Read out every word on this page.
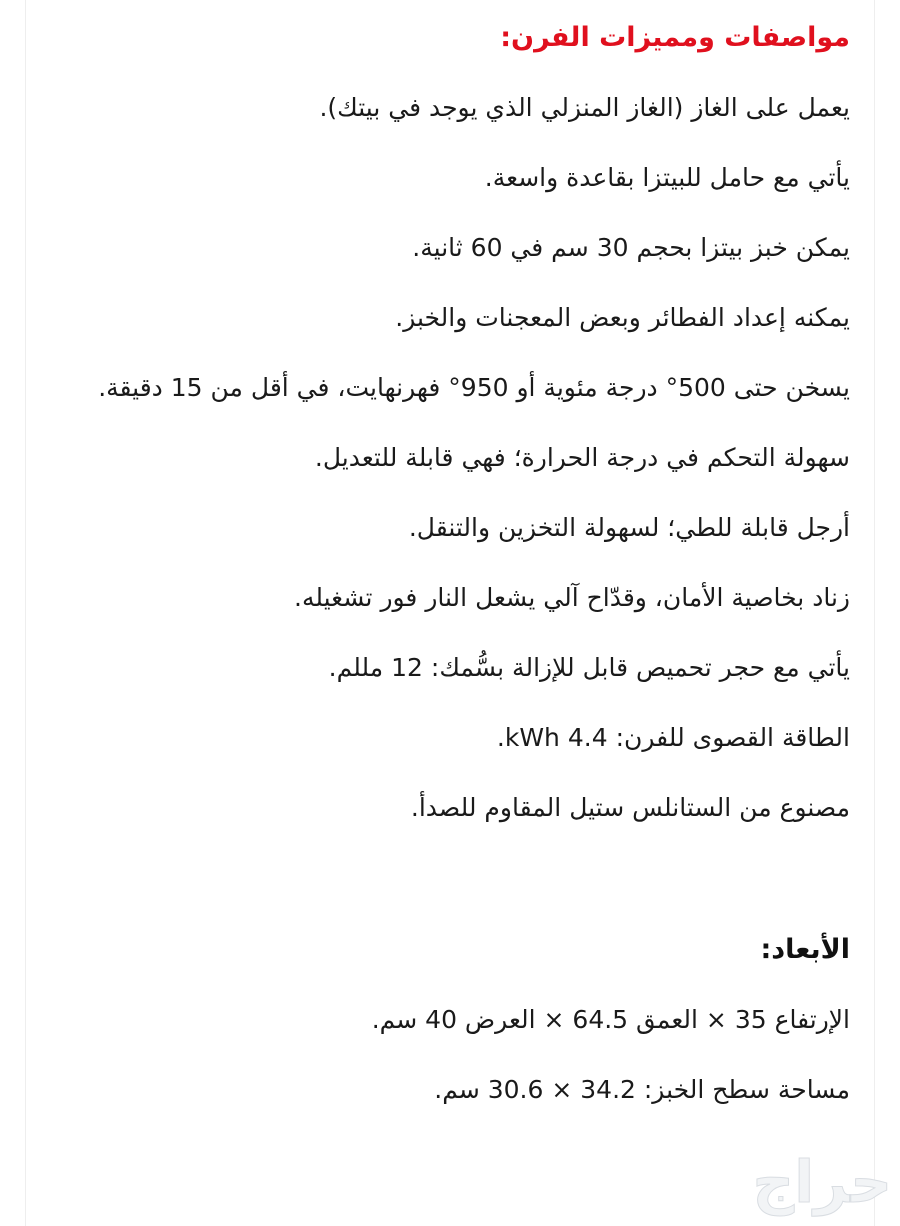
مواصفات ومميزات الفرن:

يعمل على الغاز (الغاز المنزلي الذي يوجد في بيتك).

يأتي مع حامل للبيتزا بقاعدة واسعة.

يمكن خبز بيتزا بحجم 30 سم في 60 ثانية.

يمكنه إعداد الفطائر وبعض المعجنات والخبز.

يسخن حتى 500° درجة مئوية أو 950° فهرنهايت، في أقل من 15 دقيقة.

سهولة التحكم في درجة الحرارة؛ فهي قابلة للتعديل.

أرجل قابلة للطي؛ لسهولة التخزين والتنقل.

زناد بخاصية الأمان، وقدّاح آلي يشعل النار فور تشغيله.

يأتي مع حجر تحميص قابل للإزالة بسُّمك: 12 مللم.

الطاقة القصوى للفرن: 4.4 kWh.

مصنوع من الستانلس ستيل المقاوم للصدأ.

الأبعاد:

الإرتفاع 35 × العمق 64.5 × العرض 40 سم.

مساحة سطح الخبز: 34.2 × 30.6 سم.

حراج
